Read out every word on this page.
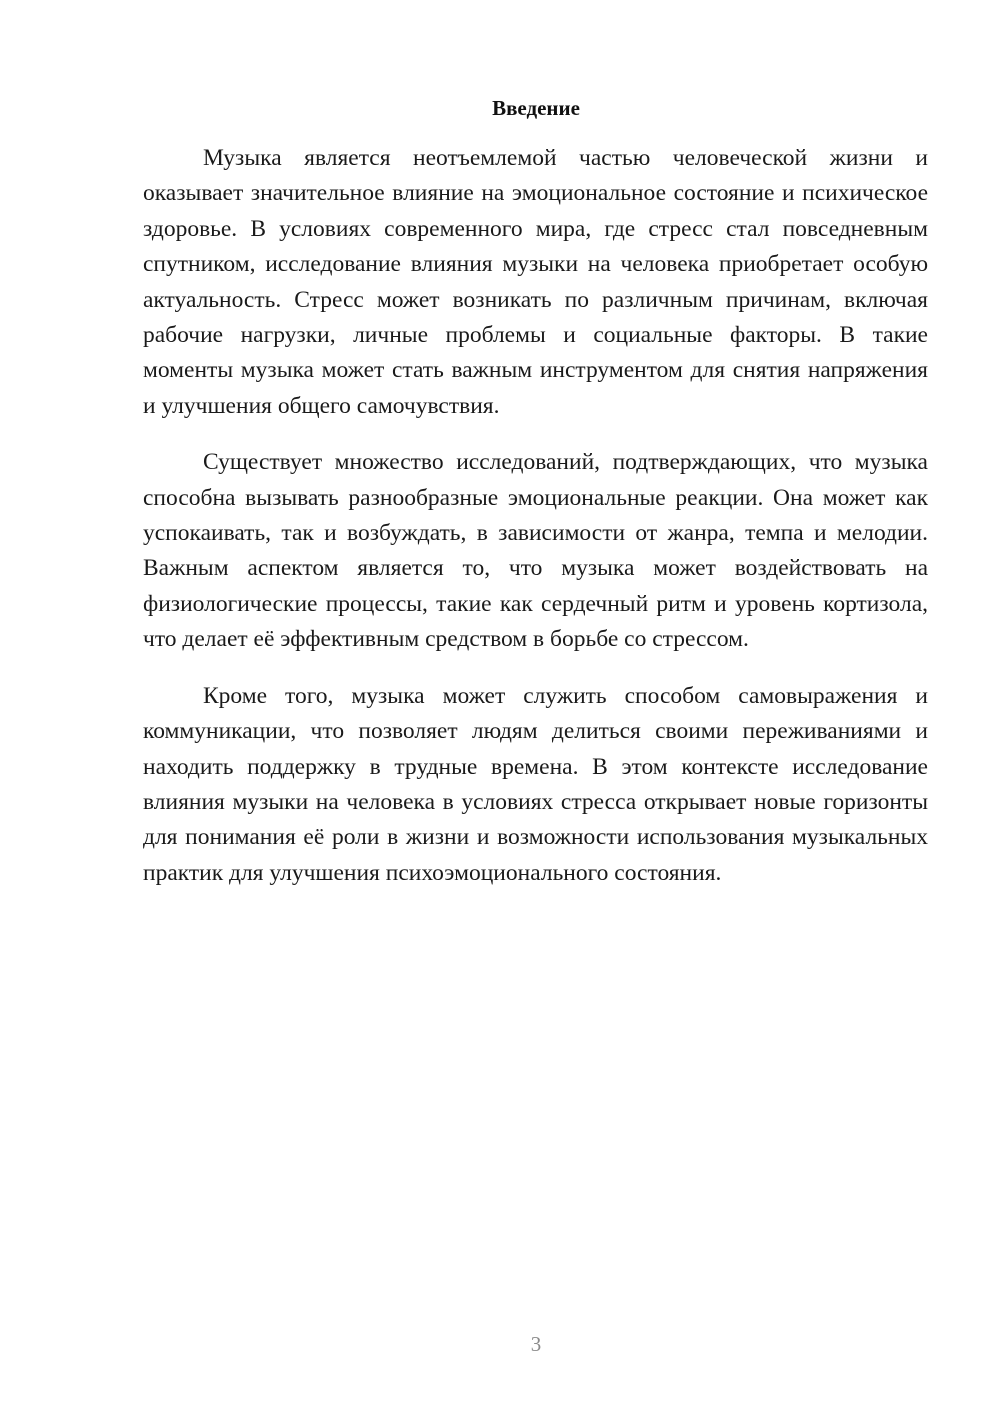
Введение

Музыка является неотъемлемой частью человеческой жизни и оказывает значительное влияние на эмоциональное состояние и психическое здоровье. В условиях современного мира, где стресс стал повседневным спутником, исследование влияния музыки на человека приобретает особую актуальность. Стресс может возникать по различным причинам, включая рабочие нагрузки, личные проблемы и социальные факторы. В такие моменты музыка может стать важным инструментом для снятия напряжения и улучшения общего самочувствия.

Существует множество исследований, подтверждающих, что музыка способна вызывать разнообразные эмоциональные реакции. Она может как успокаивать, так и возбуждать, в зависимости от жанра, темпа и мелодии. Важным аспектом является то, что музыка может воздействовать на физиологические процессы, такие как сердечный ритм и уровень кортизола, что делает её эффективным средством в борьбе со стрессом.

Кроме того, музыка может служить способом самовыражения и коммуникации, что позволяет людям делиться своими переживаниями и находить поддержку в трудные времена. В этом контексте исследование влияния музыки на человека в условиях стресса открывает новые горизонты для понимания её роли в жизни и возможности использования музыкальных практик для улучшения психоэмоционального состояния.

3
